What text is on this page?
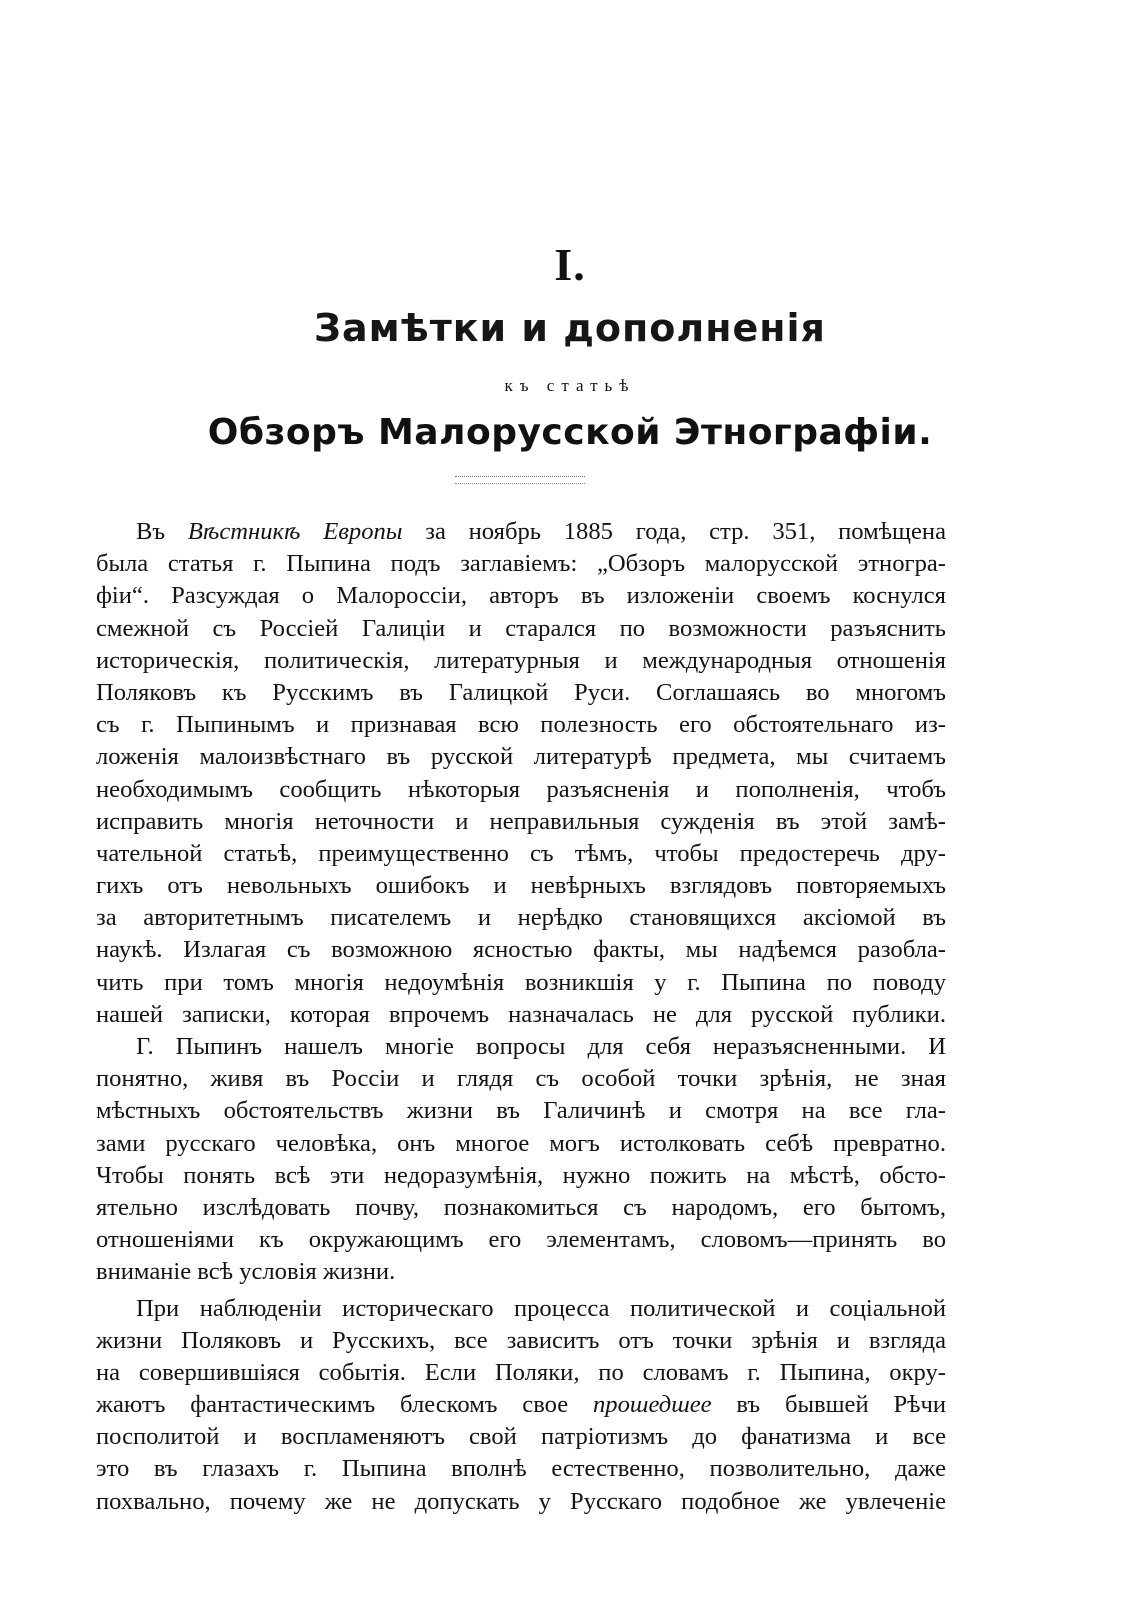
I.
Замѣтки и дополненія
къ статьѣ
Обзоръ Малорусской Этнографіи.
Въ Вѣстникѣ Европы за ноябрь 1885 года, стр. 351, помѣщена
была статья г. Пыпина подъ заглавіемъ: „Обзоръ малорусской этногра-
фіи“. Разсуждая о Малороссіи, авторъ въ изложеніи своемъ коснулся
смежной съ Россіей Галиціи и старался по возможности разъяснить
историческія, политическія, литературныя и международныя отношенія
Поляковъ къ Русскимъ въ Галицкой Руси. Соглашаясь во многомъ
съ г. Пыпинымъ и признавая всю полезность его обстоятельнаго из-
ложенія малоизвѣстнаго въ русской литературѣ предмета, мы считаемъ
необходимымъ сообщить нѣкоторыя разъясненія и пополненія, чтобъ
исправить многія неточности и неправильныя сужденія въ этой замѣ-
чательной статьѣ, преимущественно съ тѣмъ, чтобы предостеречь дру-
гихъ отъ невольныхъ ошибокъ и невѣрныхъ взглядовъ повторяемыхъ
за авторитетнымъ писателемъ и нерѣдко становящихся аксіомой въ
наукѣ. Излагая съ возможною ясностью факты, мы надѣемся разобла-
чить при томъ многія недоумѣнія возникшія у г. Пыпина по поводу
нашей записки, которая впрочемъ назначалась не для русской публики.
Г. Пыпинъ нашелъ многіе вопросы для себя неразъясненными. И
понятно, живя въ Россіи и глядя съ особой точки зрѣнія, не зная
мѣстныхъ обстоятельствъ жизни въ Галичинѣ и смотря на все гла-
зами русскаго человѣка, онъ многое могъ истолковать себѣ превратно.
Чтобы понять всѣ эти недоразумѣнія, нужно пожить на мѣстѣ, обсто-
ятельно изслѣдовать почву, познакомиться съ народомъ, его бытомъ,
отношеніями къ окружающимъ его элементамъ, словомъ—принять во
вниманіе всѣ условія жизни.
При наблюденіи историческаго процесса политической и соціальной
жизни Поляковъ и Русскихъ, все зависитъ отъ точки зрѣнія и взгляда
на совершившіяся событія. Если Поляки, по словамъ г. Пыпина, окру-
жаютъ фантастическимъ блескомъ свое прошедшее въ бывшей Рѣчи
посполитой и воспламеняютъ свой патріотизмъ до фанатизма и все
это въ глазахъ г. Пыпина вполнѣ естественно, позволительно, даже
похвально, почему же не допускать у Русскаго подобное же увлеченіе
